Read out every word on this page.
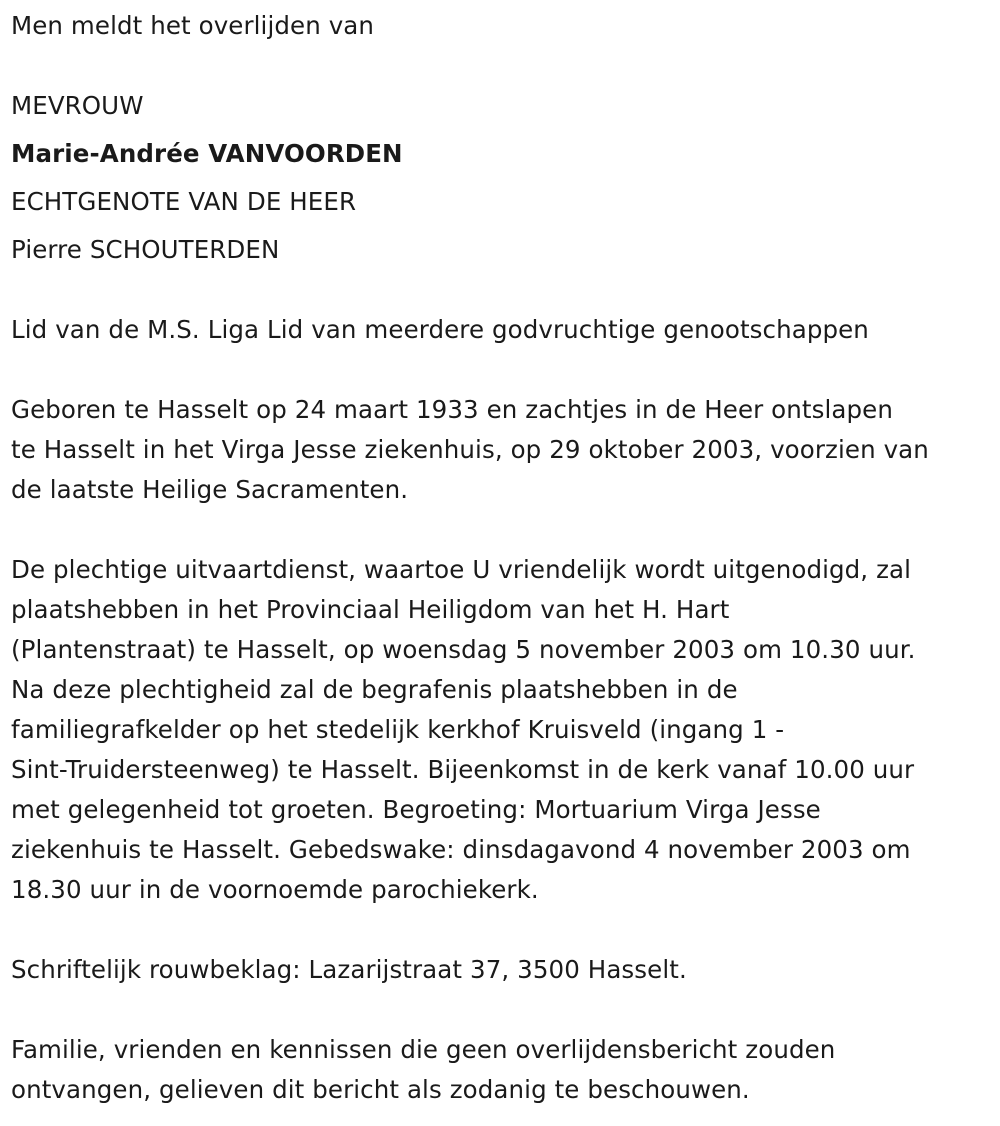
Men meldt het overlijden van

MEVROUW

Marie-Andrée VANVOORDEN

ECHTGENOTE VAN DE HEER

Pierre SCHOUTERDEN

Lid van de M.S. Liga Lid van meerdere godvruchtige genootschappen

Geboren te Hasselt op 24 maart 1933 en zachtjes in de Heer ontslapen
te Hasselt in het Virga Jesse ziekenhuis, op 29 oktober 2003, voorzien van
de laatste Heilige Sacramenten.
De plechtige uitvaartdienst, waartoe U vriendelijk wordt uitgenodigd, zal
plaatshebben in het Provinciaal Heiligdom van het H. Hart
(Plantenstraat) te Hasselt, op woensdag 5 november 2003 om 10.30 uur.
Na deze plechtigheid zal de begrafenis plaatshebben in de
familiegrafkelder op het stedelijk kerkhof Kruisveld (ingang 1 -
Sint-Truidersteenweg) te Hasselt. Bijeenkomst in de kerk vanaf 10.00 uur
met gelegenheid tot groeten. Begroeting: Mortuarium Virga Jesse
ziekenhuis te Hasselt. Gebedswake: dinsdagavond 4 november 2003 om
18.30 uur in de voornoemde parochiekerk.
Schriftelijk rouwbeklag: Lazarijstraat 37, 3500 Hasselt.
Familie, vrienden en kennissen die geen overlijdensbericht zouden
ontvangen, gelieven dit bericht als zodanig te beschouwen.
